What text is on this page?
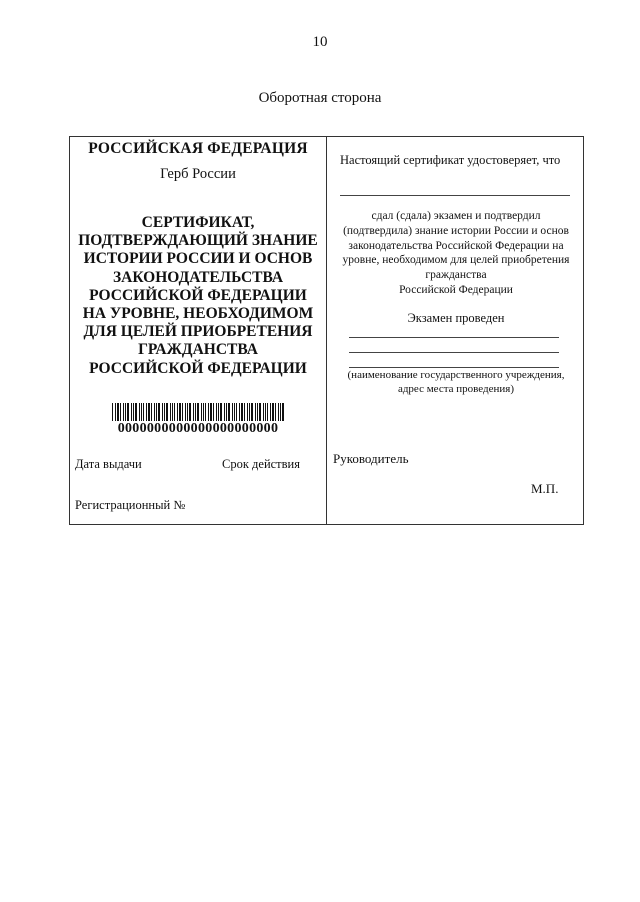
10
Оборотная сторона
РОССИЙСКАЯ ФЕДЕРАЦИЯ
Герб России
СЕРТИФИКАТ,
ПОДТВЕРЖДАЮЩИЙ ЗНАНИЕ
ИСТОРИИ РОССИИ И ОСНОВ
ЗАКОНОДАТЕЛЬСТВА
РОССИЙСКОЙ ФЕДЕРАЦИИ
НА УРОВНЕ, НЕОБХОДИМОМ
ДЛЯ ЦЕЛЕЙ ПРИОБРЕТЕНИЯ
ГРАЖДАНСТВА
РОССИЙСКОЙ ФЕДЕРАЦИИ
0000000000000000000000
Дата выдачи	Срок действия
Регистрационный №
Настоящий сертификат удостоверяет, что
сдал (сдала) экзамен и подтвердил
(подтвердила) знание истории России и основ
законодательства Российской Федерации на
уровне, необходимом для целей приобретения
гражданства
Российской Федерации
Экзамен проведен
(наименование государственного учреждения,
адрес места проведения)
Руководитель
М.П.
